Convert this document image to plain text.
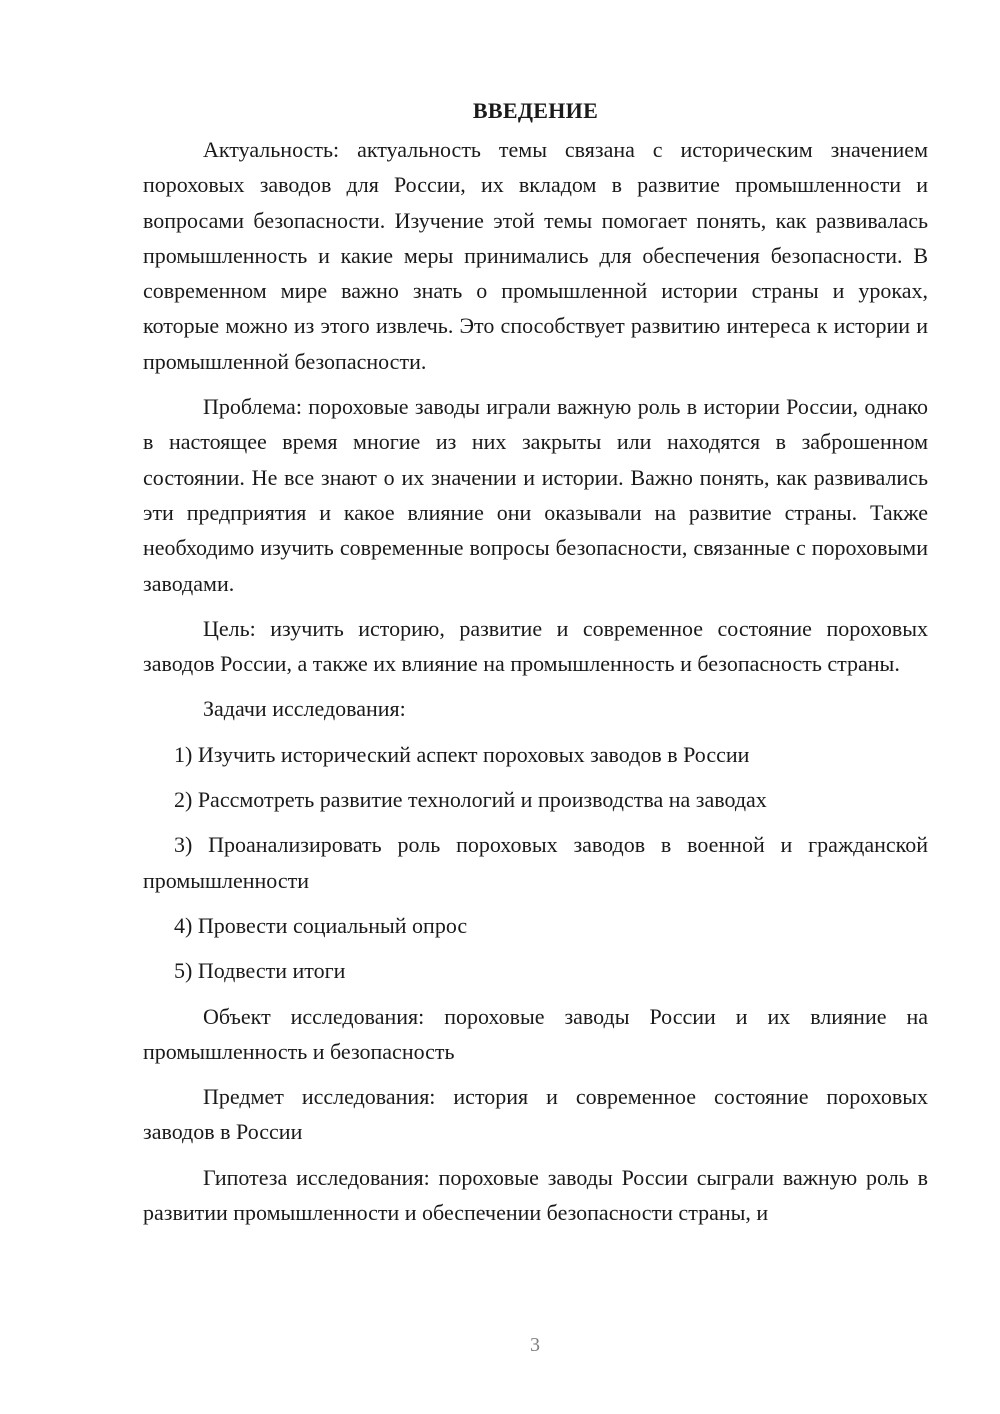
ВВЕДЕНИЕ

Актуальность: актуальность темы связана с историческим значением пороховых заводов для России, их вкладом в развитие промышленности и вопросами безопасности. Изучение этой темы помогает понять, как развивалась промышленность и какие меры принимались для обеспечения безопасности. В современном мире важно знать о промышленной истории страны и уроках, которые можно из этого извлечь. Это способствует развитию интереса к истории и промышленной безопасности.

Проблема: пороховые заводы играли важную роль в истории России, однако в настоящее время многие из них закрыты или находятся в заброшенном состоянии. Не все знают о их значении и истории. Важно понять, как развивались эти предприятия и какое влияние они оказывали на развитие страны. Также необходимо изучить современные вопросы безопасности, связанные с пороховыми заводами.

Цель: изучить историю, развитие и современное состояние пороховых заводов России, а также их влияние на промышленность и безопасность страны.

Задачи исследования:

1) Изучить исторический аспект пороховых заводов в России

2) Рассмотреть развитие технологий и производства на заводах

3) Проанализировать роль пороховых заводов в военной и гражданской промышленности

4) Провести социальный опрос

5) Подвести итоги

Объект исследования: пороховые заводы России и их влияние на промышленность и безопасность

Предмет исследования: история и современное состояние пороховых заводов в России

Гипотеза исследования: пороховые заводы России сыграли важную роль в развитии промышленности и обеспечении безопасности страны, и

3
